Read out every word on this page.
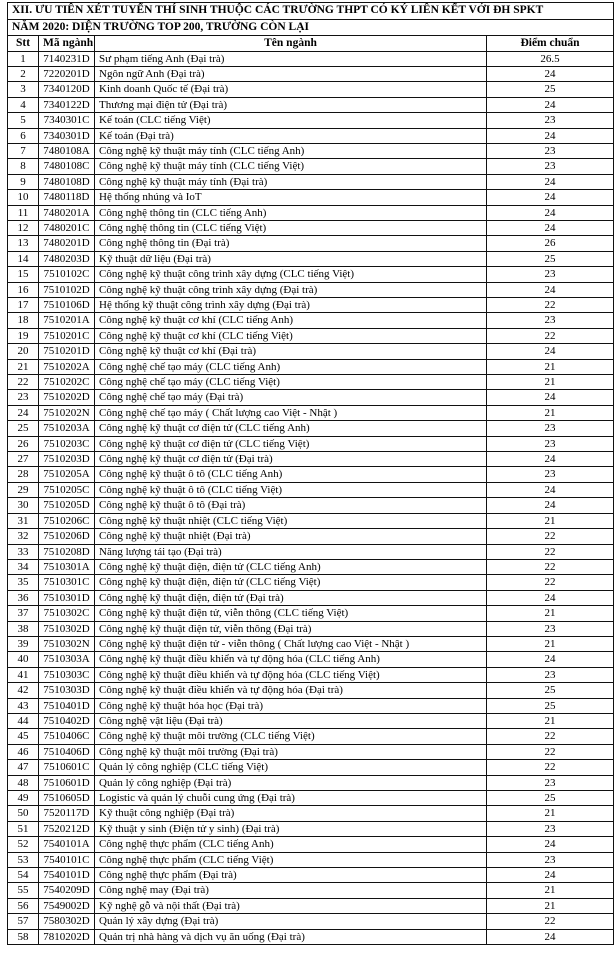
XII. ƯU TIÊN XÉT TUYỂN THÍ SINH THUỘC CÁC TRƯỜNG THPT CÓ KÝ LIÊN KẾT VỚI ĐH SPKT			
NĂM 2020: DIỆN TRƯỜNG TOP 200, TRƯỜNG CÒN LẠI			
Stt	Mã ngành	Tên ngành	Điểm chuẩn
1	7140231D	Sư phạm tiếng Anh (Đại trà)	26.5
2	7220201D	Ngôn ngữ Anh (Đại trà)	24
3	7340120D	Kinh doanh Quốc tế (Đại trà)	25
4	7340122D	Thương mại điện tử (Đại trà)	24
5	7340301C	Kế toán (CLC tiếng Việt)	23
6	7340301D	Kế toán (Đại trà)	24
7	7480108A	Công nghệ kỹ thuật máy tính (CLC tiếng Anh)	23
8	7480108C	Công nghệ kỹ thuật máy tính (CLC tiếng Việt)	23
9	7480108D	Công nghệ kỹ thuật máy tính (Đại trà)	24
10	7480118D	Hệ thống nhúng và IoT	24
11	7480201A	Công nghệ thông tin (CLC tiếng Anh)	24
12	7480201C	Công nghệ thông tin (CLC tiếng Việt)	24
13	7480201D	Công nghệ thông tin (Đại trà)	26
14	7480203D	Kỹ thuật dữ liệu (Đại trà)	25
15	7510102C	Công nghệ kỹ thuật công trình xây dựng (CLC tiếng Việt)	23
16	7510102D	Công nghệ kỹ thuật công trình xây dựng (Đại trà)	24
17	7510106D	Hệ thống kỹ thuật công trình xây dựng (Đại trà)	22
18	7510201A	Công nghệ kỹ thuật cơ khí (CLC tiếng Anh)	23
19	7510201C	Công nghệ kỹ thuật cơ khí (CLC tiếng Việt)	22
20	7510201D	Công nghệ kỹ thuật cơ khí (Đại trà)	24
21	7510202A	Công nghệ chế tạo máy (CLC tiếng Anh)	21
22	7510202C	Công nghệ chế tạo máy (CLC tiếng Việt)	21
23	7510202D	Công nghệ chế tạo máy (Đại trà)	24
24	7510202N	Công nghệ chế tạo máy ( Chất lượng cao Việt - Nhật )	21
25	7510203A	Công nghệ kỹ thuật cơ điện tử (CLC tiếng Anh)	23
26	7510203C	Công nghệ kỹ thuật cơ điện tử (CLC tiếng Việt)	23
27	7510203D	Công nghệ kỹ thuật cơ điện tử (Đại trà)	24
28	7510205A	Công nghệ kỹ thuật ô tô (CLC tiếng Anh)	23
29	7510205C	Công nghệ kỹ thuật ô tô (CLC tiếng Việt)	24
30	7510205D	Công nghệ kỹ thuật ô tô (Đại trà)	24
31	7510206C	Công nghệ kỹ thuật nhiệt (CLC tiếng Việt)	21
32	7510206D	Công nghệ kỹ thuật nhiệt (Đại trà)	22
33	7510208D	Năng lượng tái tạo (Đại trà)	22
34	7510301A	Công nghệ kỹ thuật điện, điện tử (CLC tiếng Anh)	22
35	7510301C	Công nghệ kỹ thuật điện, điện tử (CLC tiếng Việt)	22
36	7510301D	Công nghệ kỹ thuật điện, điện tử (Đại trà)	24
37	7510302C	Công nghệ kỹ thuật điện tử, viễn thông (CLC tiếng Việt)	21
38	7510302D	Công nghệ kỹ thuật điện tử, viễn thông (Đại trà)	23
39	7510302N	Công nghệ kỹ thuật điện tử - viễn thông ( Chất lượng cao Việt - Nhật )	21
40	7510303A	Công nghệ kỹ thuật điều khiển và tự động hóa (CLC tiếng Anh)	24
41	7510303C	Công nghệ kỹ thuật điều khiển và tự động hóa (CLC tiếng Việt)	23
42	7510303D	Công nghệ kỹ thuật điều khiển và tự động hóa (Đại trà)	25
43	7510401D	Công nghệ kỹ thuật hóa học (Đại trà)	25
44	7510402D	Công nghệ vật liệu (Đại trà)	21
45	7510406C	Công nghệ kỹ thuật môi trường (CLC tiếng Việt)	22
46	7510406D	Công nghệ kỹ thuật môi trường (Đại trà)	22
47	7510601C	Quản lý công nghiệp (CLC tiếng Việt)	22
48	7510601D	Quản lý công nghiệp (Đại trà)	23
49	7510605D	Logistic và quản lý chuỗi cung ứng (Đại trà)	25
50	7520117D	Kỹ thuật công nghiệp (Đại trà)	21
51	7520212D	Kỹ thuật y sinh (Điện tử y sinh) (Đại trà)	23
52	7540101A	Công nghệ thực phẩm (CLC tiếng Anh)	24
53	7540101C	Công nghệ thực phẩm (CLC tiếng Việt)	23
54	7540101D	Công nghệ thực phẩm (Đại trà)	24
55	7540209D	Công nghệ may (Đại trà)	21
56	7549002D	Kỹ nghệ gỗ và nội thất (Đại trà)	21
57	7580302D	Quản lý xây dựng (Đại trà)	22
58	7810202D	Quản trị nhà hàng và dịch vụ ăn uống (Đại trà)	24
